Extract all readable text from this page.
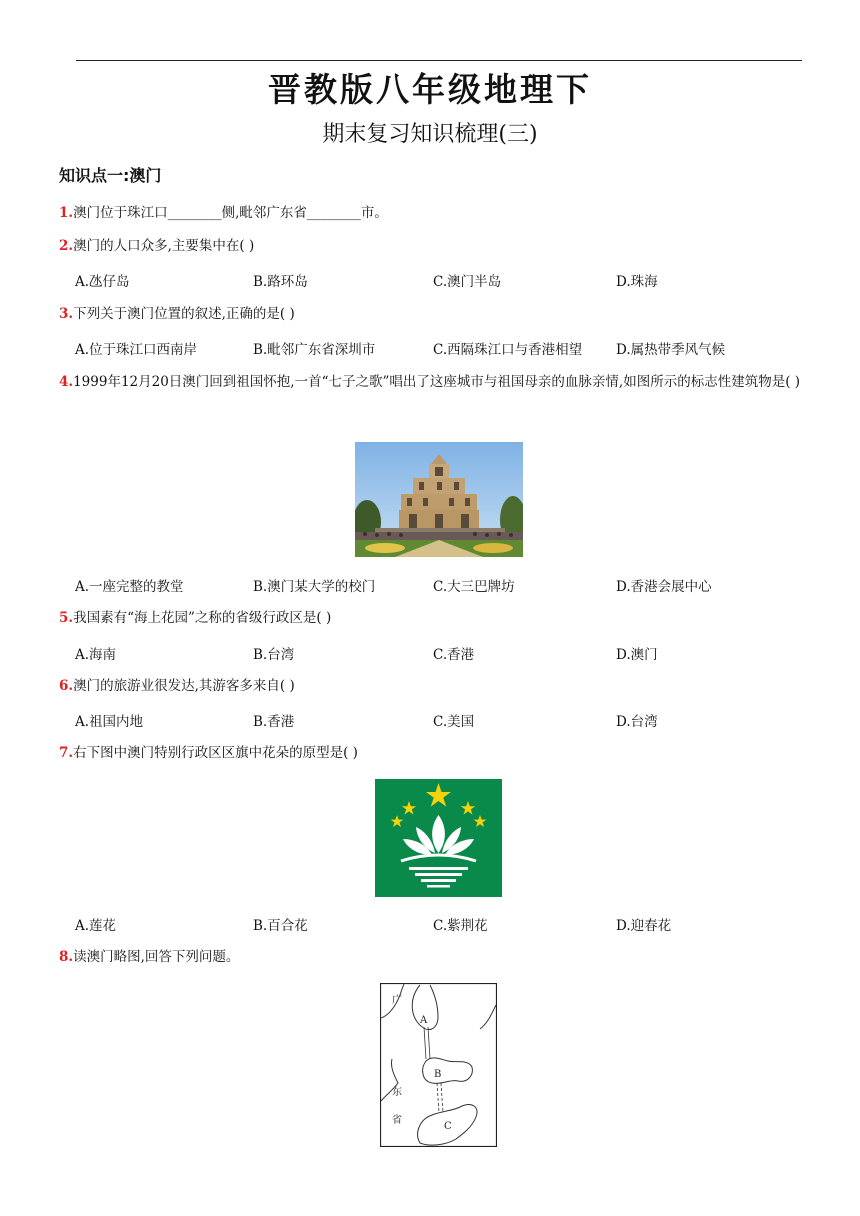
晋教版八年级地理下
期末复习知识梳理(三)
知识点一:澳门
1.澳门位于珠江口________侧,毗邻广东省________市。
2.澳门的人口众多,主要集中在( )
A.氹仔岛	B.路环岛	C.澳门半岛	D.珠海
3.下列关于澳门位置的叙述,正确的是( )
A.位于珠江口西南岸	B.毗邻广东省深圳市	C.西隔珠江口与香港相望	D.属热带季风气候
4.1999年12月20日澳门回到祖国怀抱,一首“七子之歌”唱出了这座城市与祖国母亲的血脉亲情,如图所示的标志性建筑物是( )
A.一座完整的教堂	B.澳门某大学的校门	C.大三巴牌坊	D.香港会展中心
5.我国素有“海上花园”之称的省级行政区是( )
A.海南	B.台湾	C.香港	D.澳门
6.澳门的旅游业很发达,其游客多来自( )
A.祖国内地	B.香港	C.美国	D.台湾
7.右下图中澳门特别行政区区旗中花朵的原型是( )
A.莲花	B.百合花	C.紫荆花	D.迎春花
8.读澳门略图,回答下列问题。
广
东
省
A
B
C
